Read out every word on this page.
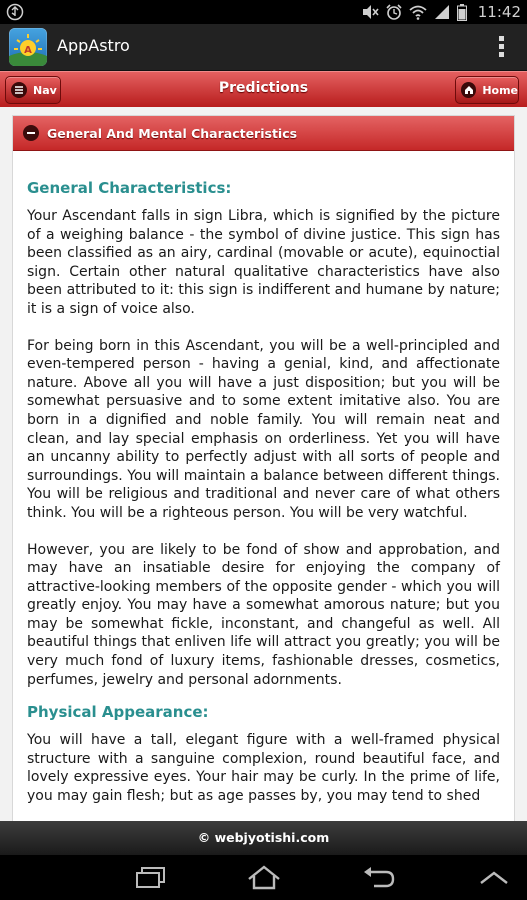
11:42
A AppAstro
Nav	Predictions	Home
General And Mental Characteristics
General Characteristics:

Your Ascendant falls in sign Libra, which is signified by the picture of a weighing balance - the symbol of divine justice. This sign has been classified as an airy, cardinal (movable or acute), equinoctial sign. Certain other natural qualitative characteristics have also been attributed to it: this sign is indifferent and humane by nature; it is a sign of voice also.

For being born in this Ascendant, you will be a well-principled and even-tempered person - having a genial, kind, and affectionate nature. Above all you will have a just disposition; but you will be somewhat persuasive and to some extent imitative also. You are born in a dignified and noble family. You will remain neat and clean, and lay special emphasis on orderliness. Yet you will have an uncanny ability to perfectly adjust with all sorts of people and surroundings. You will maintain a balance between different things. You will be religious and traditional and never care of what others think. You will be a righteous person. You will be very watchful.

However, you are likely to be fond of show and approbation, and may have an insatiable desire for enjoying the company of attractive-looking members of the opposite gender - which you will greatly enjoy. You may have a somewhat amorous nature; but you may be somewhat fickle, inconstant, and changeful as well. All beautiful things that enliven life will attract you greatly; you will be very much fond of luxury items, fashionable dresses, cosmetics, perfumes, jewelry and personal adornments.

Physical Appearance:

You will have a tall, elegant figure with a well-framed physical structure with a sanguine complexion, round beautiful face, and lovely expressive eyes. Your hair may be curly. In the prime of life, you may gain flesh; but as age passes by, you may tend to shed

© webjyotishi.com
